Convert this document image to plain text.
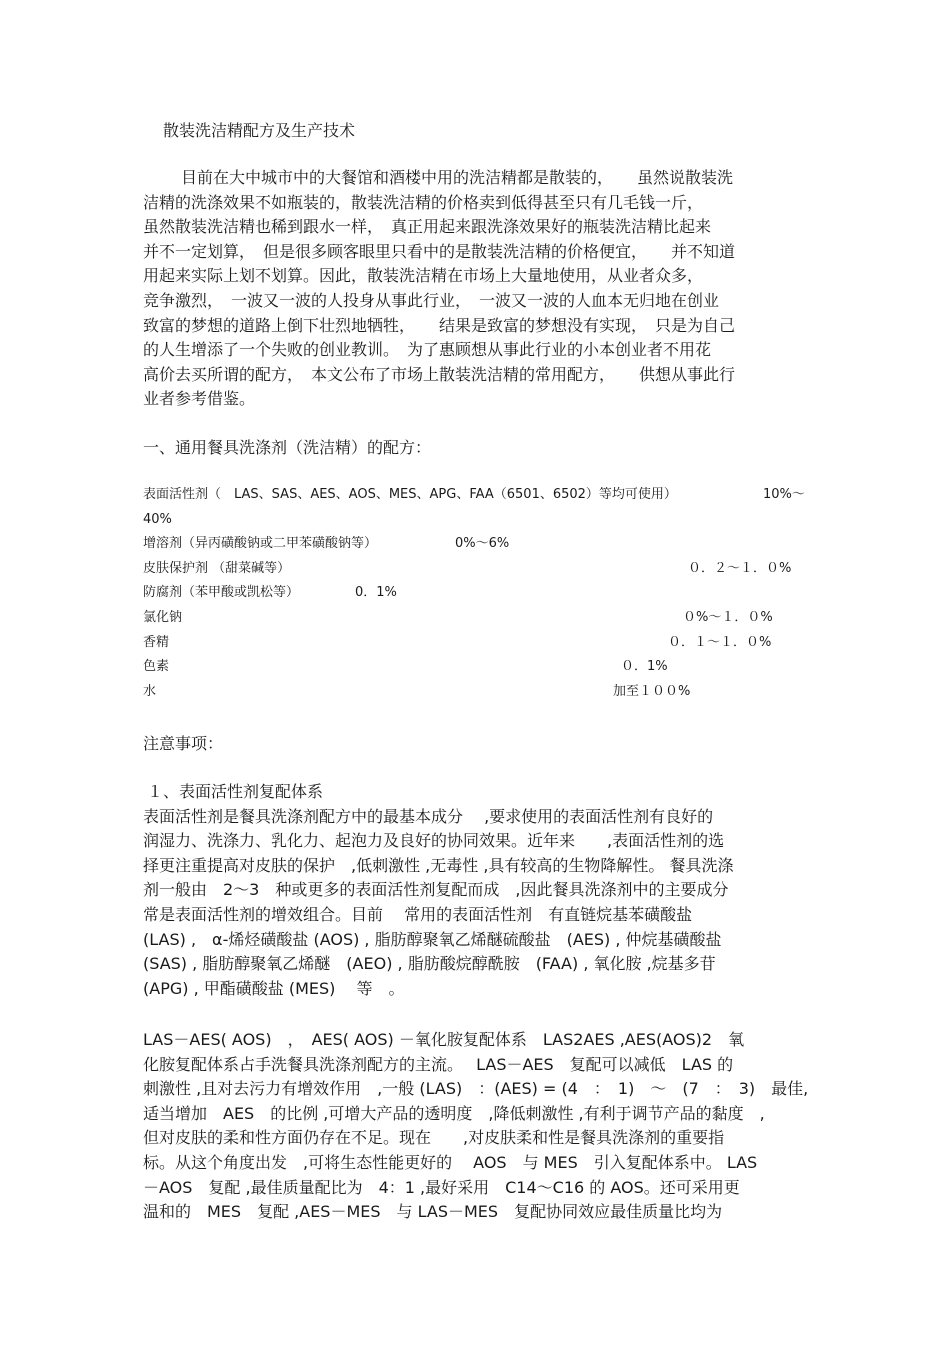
散装洗洁精配方及生产技术
目前在大中城市中的大餐馆和酒楼中用的洗洁精都是散装的，　　虽然说散装洗
洁精的洗涤效果不如瓶装的，散装洗洁精的价格卖到低得甚至只有几毛钱一斤，
虽然散装洗洁精也稀到跟水一样，　真正用起来跟洗涤效果好的瓶装洗洁精比起来
并不一定划算，　但是很多顾客眼里只看中的是散装洗洁精的价格便宜，　　并不知道
用起来实际上划不划算。因此，散装洗洁精在市场上大量地使用，从业者众多，
竞争激烈，　一波又一波的人投身从事此行业，　一波又一波的人血本无归地在创业
致富的梦想的道路上倒下壮烈地牺牲，　　结果是致富的梦想没有实现，　只是为自己
的人生增添了一个失败的创业教训。　为了惠顾想从事此行业的小本创业者不用花
高价去买所谓的配方，　本文公布了市场上散装洗洁精的常用配方，　　供想从事此行
业者参考借鉴。
一、通用餐具洗涤剂（洗洁精）的配方：
表面活性剂（　LAS、SAS、AES、AOS、MES、APG、FAA（6501、6502）等均可使用）	10%～
40%
增溶剂（异丙磺酸钠或二甲苯磺酸钠等）	0%～6%
皮肤保护剂 （甜菜碱等）	０．２～１．０%
防腐剂（苯甲酸或凯松等）	0．1%
氯化钠	０%～１．０%
香精	０．１～１．０%
色素	０．1%
水	加至１００%
注意事项：
１、表面活性剂复配体系
表面活性剂是餐具洗涤剂配方中的最基本成分　 ,要求使用的表面活性剂有良好的
润湿力、洗涤力、乳化力、起泡力及良好的协同效果。近年来　　,表面活性剂的选
择更注重提高对皮肤的保护　,低刺激性 ,无毒性 ,具有较高的生物降解性。 餐具洗涤
剂一般由　2～3　种或更多的表面活性剂复配而成　,因此餐具洗涤剂中的主要成分
常是表面活性剂的增效组合。目前　 常用的表面活性剂　有直链烷基苯磺酸盐
(LAS) ,　α-烯烃磺酸盐 (AOS) , 脂肪醇聚氧乙烯醚硫酸盐　(AES) , 仲烷基磺酸盐
(SAS) , 脂肪醇聚氧乙烯醚　(AEO) , 脂肪酸烷醇酰胺　(FAA) , 氧化胺 ,烷基多苷
(APG) , 甲酯磺酸盐 (MES)　 等　。
LAS－AES( AOS)　，　AES( AOS) －氧化胺复配体系　LAS2AES ,AES(AOS)2　氧
化胺复配体系占手洗餐具洗涤剂配方的主流。　 LAS－AES　复配可以减低　LAS 的
刺激性 ,且对去污力有增效作用　,一般 (LAS)　：(AES) = (4　：　1)　～　(7　：　3)　最佳,
适当增加　AES　的比例 ,可增大产品的透明度　,降低刺激性 ,有利于调节产品的黏度　,
但对皮肤的柔和性方面仍存在不足。现在　　,对皮肤柔和性是餐具洗涤剂的重要指
标。从这个角度出发　,可将生态性能更好的　 AOS　与 MES　引入复配体系中。 LAS
－AOS　复配 ,最佳质量配比为　4：1 ,最好采用　C14～C16 的 AOS。还可采用更
温和的　MES　复配 ,AES－MES　与 LAS－MES　复配协同效应最佳质量比均为
